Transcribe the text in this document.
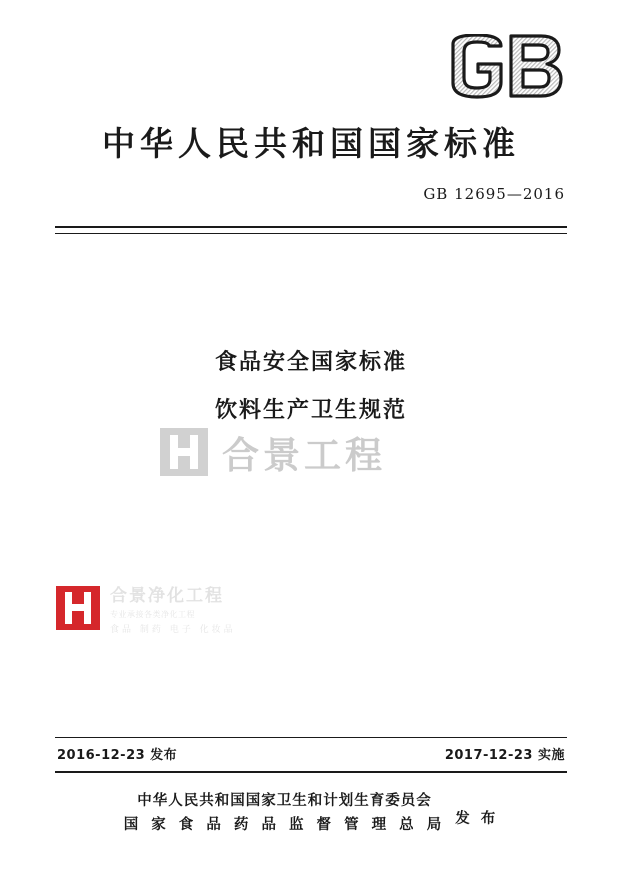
中华人民共和国国家标准
GB 12695—2016
食品安全国家标准
饮料生产卫生规范
合景工程
合景净化工程
专业承接各类净化工程
食品 制药 电子 化妆品
2016-12-23 发布	2017-12-23 实施
中华人民共和国国家卫生和计划生育委员会
国 家 食 品 药 品 监 督 管 理 总 局 发 布
